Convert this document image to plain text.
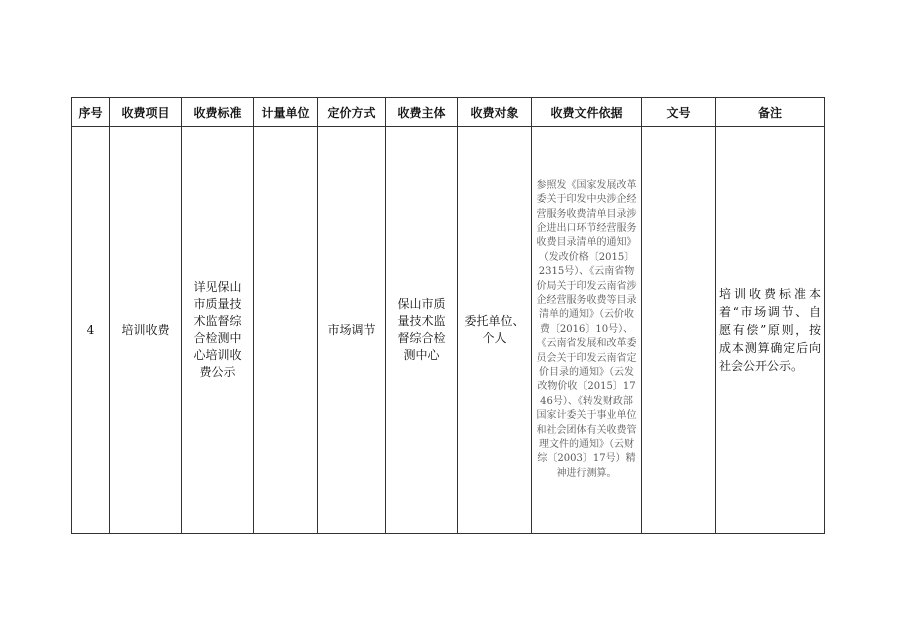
序号	收费项目	收费标准	计量单位	定价方式	收费主体	收费对象	收费文件依据	文号	备注
4	培训收费	详见保山市质量技术监督综合检测中心培训收费公示		市场调节	保山市质量技术监督综合检测中心	委托单位、个人	参照发《国家发展改革委关于印发中央涉企经营服务收费清单目录涉企进出口环节经营服务收费目录清单的通知》（发改价格〔2015〕2315号）、《云南省物价局关于印发云南省涉企经营服务收费等目录清单的通知》（云价收费〔2016〕10号）、《云南省发展和改革委员会关于印发云南省定价目录的通知》（云发改物价收〔2015〕1746号）、《转发财政部 国家计委关于事业单位和社会团体有关收费管理文件的通知》（云财综〔2003〕17号）精神进行测算。		培训收费标准本着“市场调节、自愿有偿”原则，按成本测算确定后向社会公开公示。
